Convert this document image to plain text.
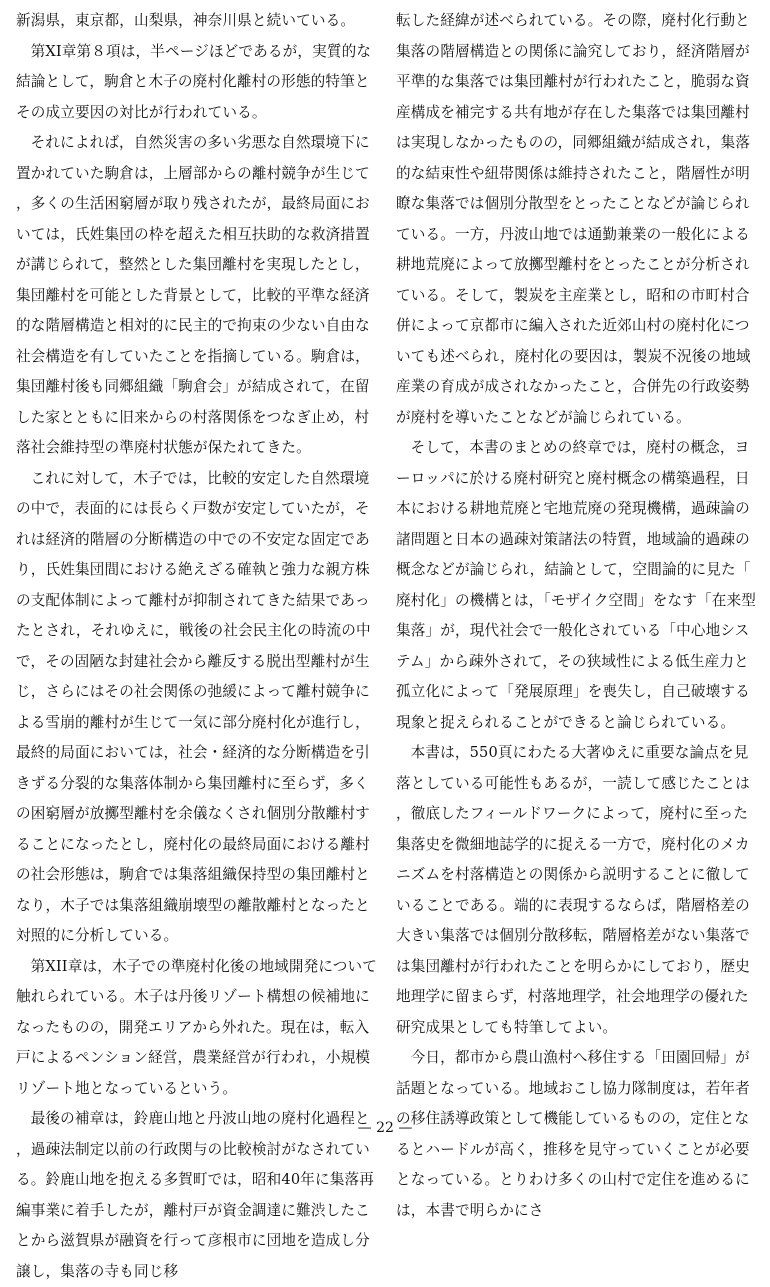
新潟県，東京都，山梨県，神奈川県と続いている。

第XI章第８項は，半ページほどであるが，実質的な結論として，駒倉と木子の廃村化離村の形態的特筆とその成立要因の対比が行われている。

それによれば，自然災害の多い劣悪な自然環境下に置かれていた駒倉は，上層部からの離村競争が生じて，多くの生活困窮層が取り残されたが，最終局面においては，氏姓集団の枠を超えた相互扶助的な救済措置が講じられて，整然とした集団離村を実現したとし，集団離村を可能とした背景として，比較的平準な経済的な階層構造と相対的に民主的で拘束の少ない自由な社会構造を有していたことを指摘している。駒倉は，集団離村後も同郷組織「駒倉会」が結成されて，在留した家とともに旧来からの村落関係をつなぎ止め，村落社会維持型の準廃村状態が保たれてきた。

これに対して，木子では，比較的安定した自然環境の中で，表面的には長らく戸数が安定していたが，それは経済的階層の分断構造の中での不安定な固定であり，氏姓集団間における絶えざる確執と強力な親方株の支配体制によって離村が抑制されてきた結果であったとされ，それゆえに，戦後の社会民主化の時流の中で，その固陋な封建社会から離反する脱出型離村が生じ，さらにはその社会関係の弛緩によって離村競争による雪崩的離村が生じて一気に部分廃村化が進行し，最終的局面においては，社会・経済的な分断構造を引きずる分裂的な集落体制から集団離村に至らず，多くの困窮層が放擲型離村を余儀なくされ個別分散離村することになったとし，廃村化の最終局面における離村の社会形態は，駒倉では集落組織保持型の集団離村となり，木子では集落組織崩壊型の離散離村となったと対照的に分析している。

第XII章は，木子での準廃村化後の地域開発について触れられている。木子は丹後リゾート構想の候補地になったものの，開発エリアから外れた。現在は，転入戸によるペンション経営，農業経営が行われ，小規模リゾート地となっているという。

最後の補章は，鈴鹿山地と丹波山地の廃村化過程と，過疎法制定以前の行政関与の比較検討がなされている。鈴鹿山地を抱える多賀町では，昭和40年に集落再編事業に着手したが，離村戸が資金調達に難渋したことから滋賀県が融資を行って彦根市に団地を造成し分譲し，集落の寺も同じ移

転した経緯が述べられている。その際，廃村化行動と集落の階層構造との関係に論究しており，経済階層が平準的な集落では集団離村が行われたこと，脆弱な資産構成を補完する共有地が存在した集落では集団離村は実現しなかったものの，同郷組織が結成され，集落的な結束性や紐帯関係は維持されたこと，階層性が明瞭な集落では個別分散型をとったことなどが論じられている。一方，丹波山地では通勤兼業の一般化による耕地荒廃によって放擲型離村をとったことが分析されている。そして，製炭を主産業とし，昭和の市町村合併によって京都市に編入された近郊山村の廃村化についても述べられ，廃村化の要因は，製炭不況後の地域産業の育成が成されなかったこと，合併先の行政姿勢が廃村を導いたことなどが論じられている。

そして，本書のまとめの終章では，廃村の概念，ヨーロッパに於ける廃村研究と廃村概念の構築過程，日本における耕地荒廃と宅地荒廃の発現機構，過疎論の諸問題と日本の過疎対策諸法の特質，地域論的過疎の概念などが論じられ，結論として，空間論的に見た「廃村化」の機構とは，「モザイク空間」をなす「在来型集落」が，現代社会で一般化されている「中心地システム」から疎外されて，その狭域性による低生産力と孤立化によって「発展原理」を喪失し，自己破壊する現象と捉えられることができると論じられている。

本書は，550頁にわたる大著ゆえに重要な論点を見落としている可能性もあるが，一読して感じたことは，徹底したフィールドワークによって，廃村に至った集落史を微細地誌学的に捉える一方で，廃村化のメカニズムを村落構造との関係から説明することに徹していることである。端的に表現するならば，階層格差の大きい集落では個別分散移転，階層格差がない集落では集団離村が行われたことを明らかにしており，歴史地理学に留まらず，村落地理学，社会地理学の優れた研究成果としても特筆してよい。

今日，都市から農山漁村へ移住する「田園回帰」が話題となっている。地域おこし協力隊制度は，若年者の移住誘導政策として機能しているものの，定住となるとハードルが高く，推移を見守っていくことが必要となっている。とりわけ多くの山村で定住を進めるには，本書で明らかにさ

— 22 —
